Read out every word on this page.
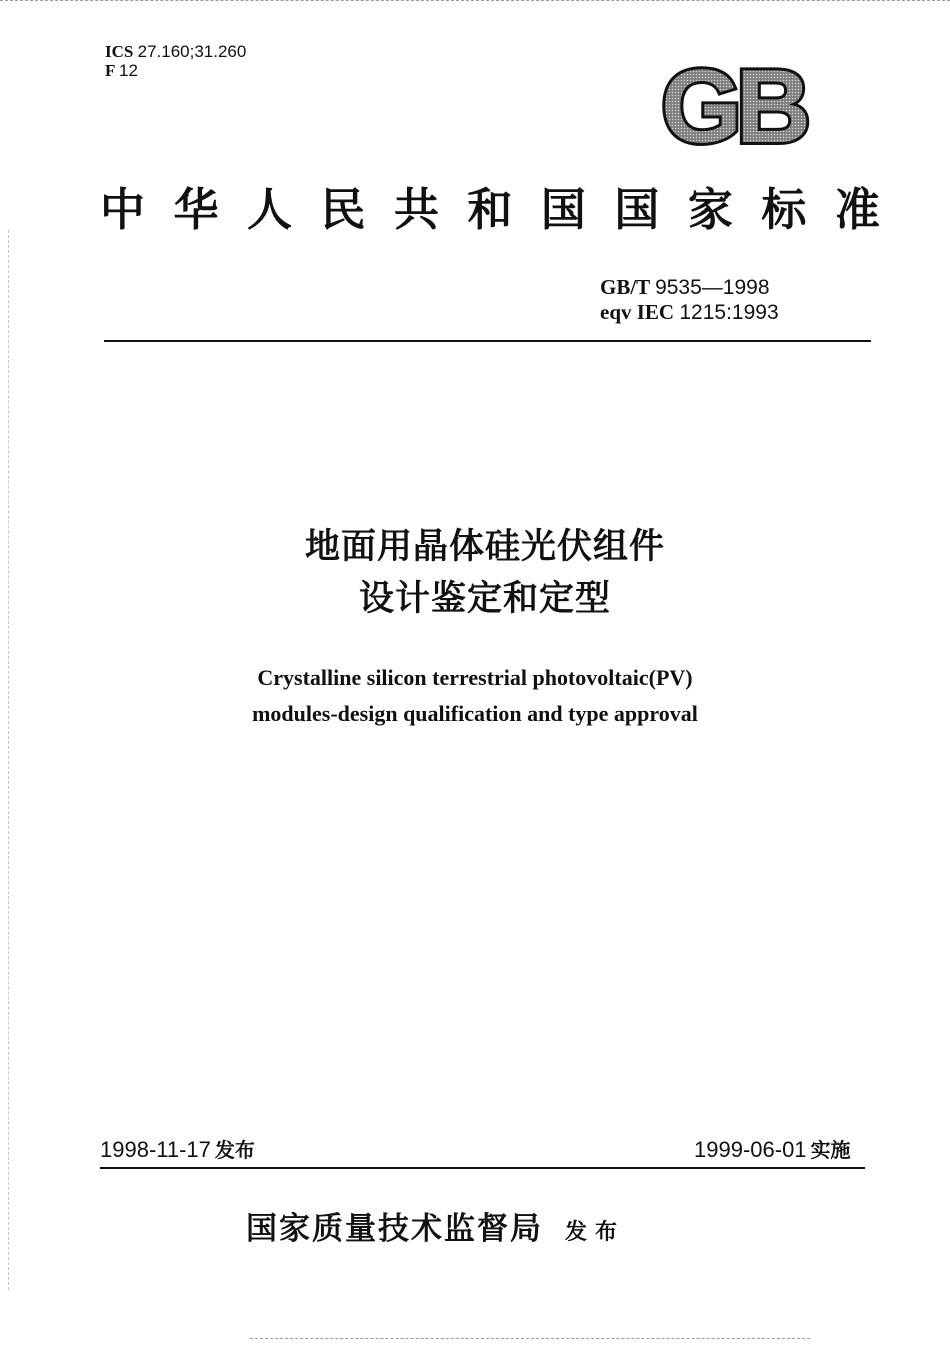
ICS 27.160;31.260
F 12	GB
中 华 人 民 共 和 国 国 家 标 准
GB/T 9535—1998
eqv IEC 1215:1993
地面用晶体硅光伏组件
设计鉴定和定型
Crystalline silicon terrestrial photovoltaic(PV)
modules-design qualification and type approval
1998-11-17 发布	1999-06-01 实施
国家质量技术监督局 发布
